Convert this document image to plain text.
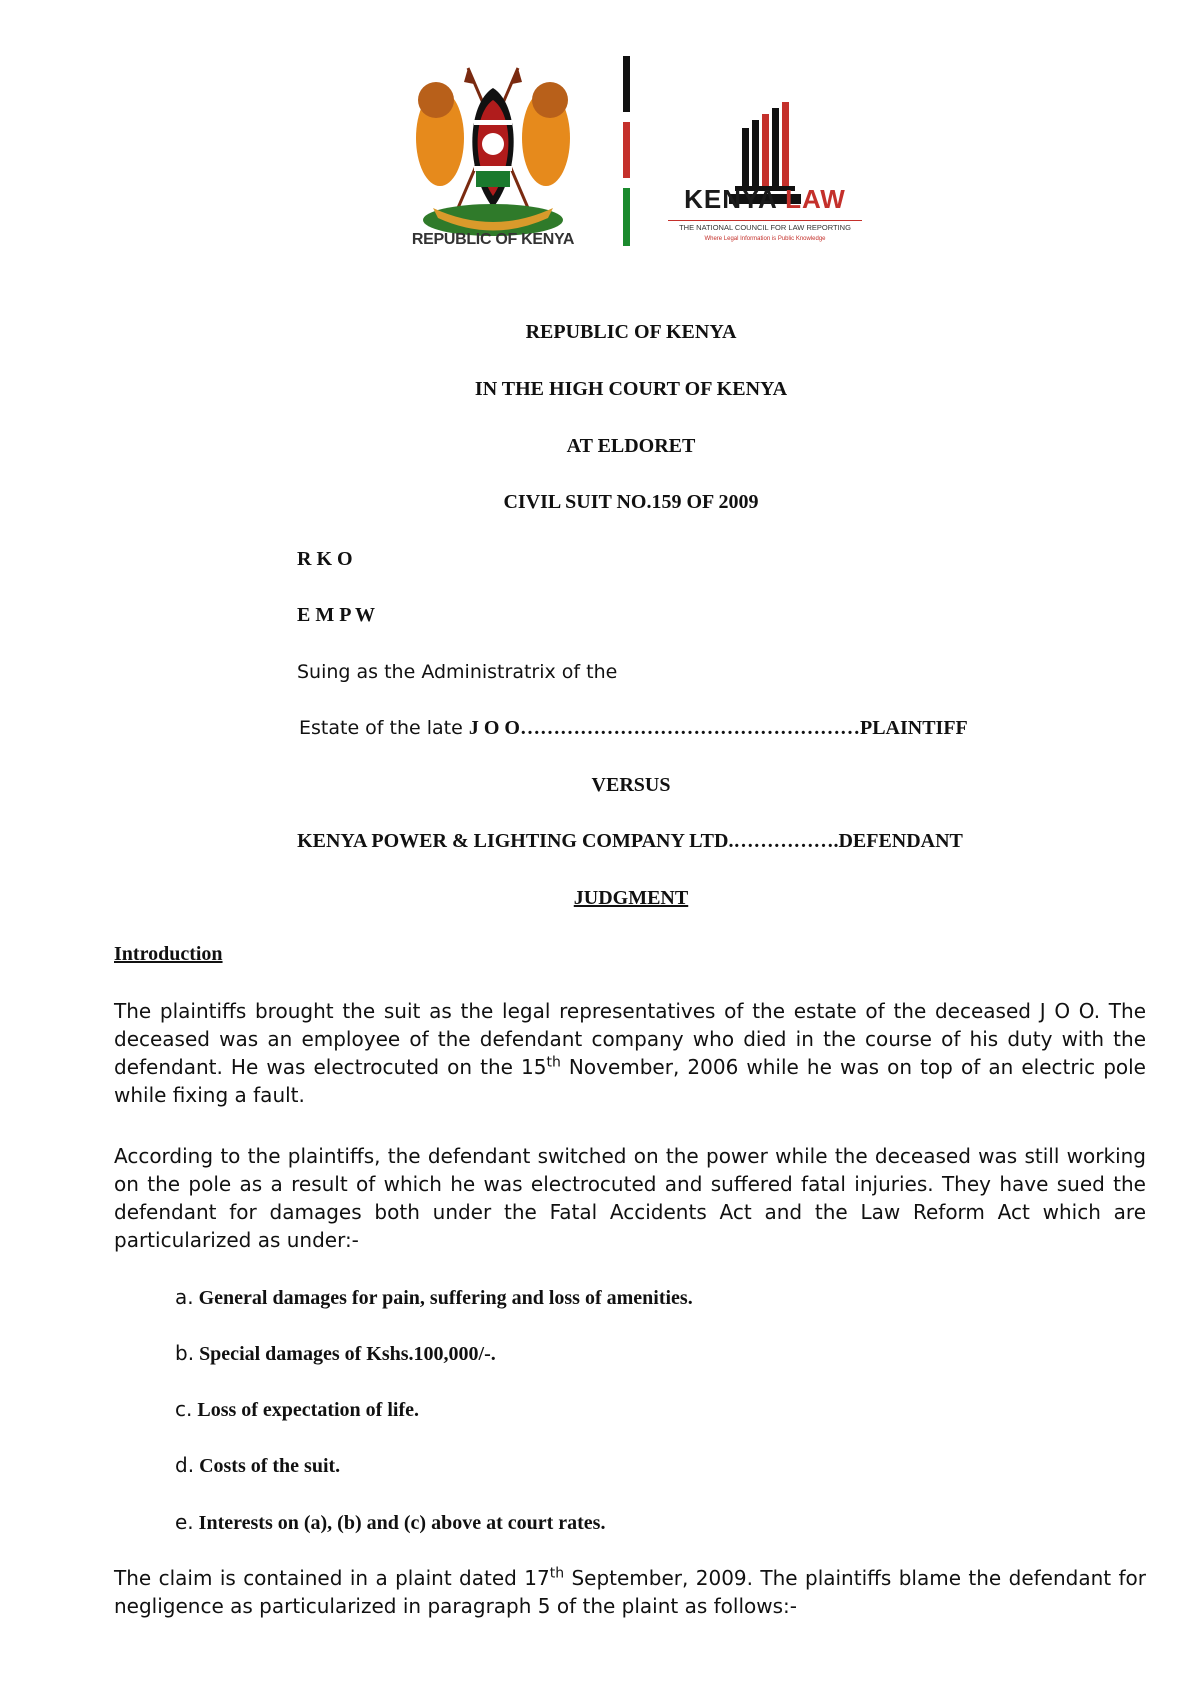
REPUBLIC OF KENYA
KENYA LAW
THE NATIONAL COUNCIL FOR LAW REPORTING
Where Legal Information is Public Knowledge
REPUBLIC OF KENYA
IN THE HIGH COURT OF KENYA
AT ELDORET
CIVIL SUIT NO.159 OF 2009
R K O
E M P W
Suing as the Administratrix of the
Estate of the late J O O……………………………………………PLAINTIFF
VERSUS
KENYA POWER & LIGHTING COMPANY LTD.…………….DEFENDANT
JUDGMENT
Introduction
The plaintiffs brought the suit as the legal representatives of the estate of the deceased J O O. The deceased was an employee of the defendant company who died in the course of his duty with the defendant. He was electrocuted on the 15th November, 2006 while he was on top of an electric pole while fixing a fault.
According to the plaintiffs, the defendant switched on the power while the deceased was still working on the pole as a result of which he was electrocuted and suffered fatal injuries. They have sued the defendant for damages both under the Fatal Accidents Act and the Law Reform Act which are particularized as under:-
a. General damages for pain, suffering and loss of amenities.
b. Special damages of Kshs.100,000/-.
c. Loss of expectation of life.
d. Costs of the suit.
e. Interests on (a), (b) and (c) above at court rates.
The claim is contained in a plaint dated 17th September, 2009. The plaintiffs blame the defendant for negligence as particularized in paragraph 5 of the plaint as follows:-
